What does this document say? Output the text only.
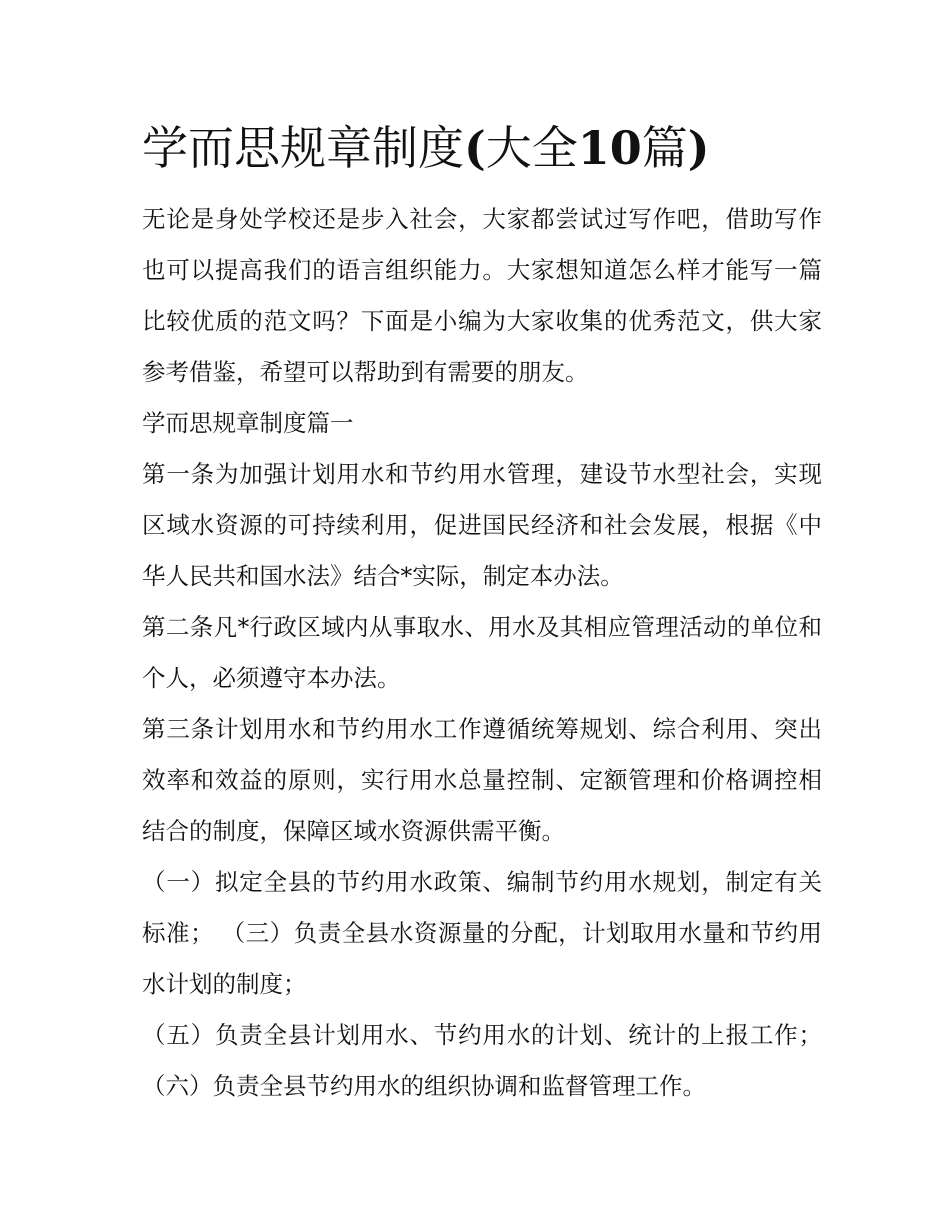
学而思规章制度(大全10篇)

无论是身处学校还是步入社会，大家都尝试过写作吧，借助写作也可以提高我们的语言组织能力。大家想知道怎么样才能写一篇比较优质的范文吗？下面是小编为大家收集的优秀范文，供大家参考借鉴，希望可以帮助到有需要的朋友。

学而思规章制度篇一

第一条为加强计划用水和节约用水管理，建设节水型社会，实现区域水资源的可持续利用，促进国民经济和社会发展，根据《中华人民共和国水法》结合*实际，制定本办法。

第二条凡*行政区域内从事取水、用水及其相应管理活动的单位和个人，必须遵守本办法。

第三条计划用水和节约用水工作遵循统筹规划、综合利用、突出效率和效益的原则，实行用水总量控制、定额管理和价格调控相结合的制度，保障区域水资源供需平衡。

（一）拟定全县的节约用水政策、编制节约用水规划，制定有关标准； （三）负责全县水资源量的分配，计划取用水量和节约用水计划的制度；

（五）负责全县计划用水、节约用水的计划、统计的上报工作； （六）负责全县节约用水的组织协调和监督管理工作。
